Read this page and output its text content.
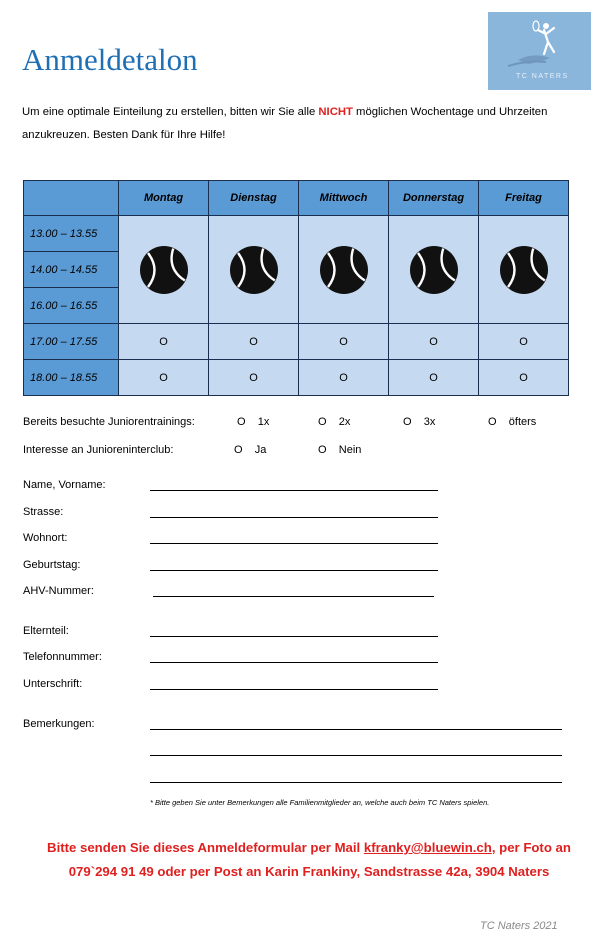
TC NATERS
Anmeldetalon
Um eine optimale Einteilung zu erstellen, bitten wir Sie alle NICHT möglichen Wochentage und Uhrzeiten anzukreuzen. Besten Dank für Ihre Hilfe!
	Montag	Dienstag	Mittwoch	Donnerstag	Freitag
13.00 – 13.55	

14.00 – 14.55					
16.00 – 16.55					
17.00 – 17.55	O	O	O	O	O
18.00 – 18.55	O	O	O	O	O
Bereits besuchte Juniorentrainings:	O 1x	O 2x	O 3x	O öfters
Interesse an Junioreninterclub:	O Ja	O Nein
Name, Vorname:
Strasse:
Wohnort:
Geburtstag:
AHV-Nummer:
Elternteil:
Telefonnummer:
Unterschrift:
Bemerkungen:
* Bitte geben Sie unter Bemerkungen alle Familienmitglieder an, welche auch beim TC Naters spielen.
Bitte senden Sie dieses Anmeldeformular per Mail kfranky@bluewin.ch, per Foto an 079`294 91 49 oder per Post an Karin Frankiny, Sandstrasse 42a, 3904 Naters
TC Naters 2021
